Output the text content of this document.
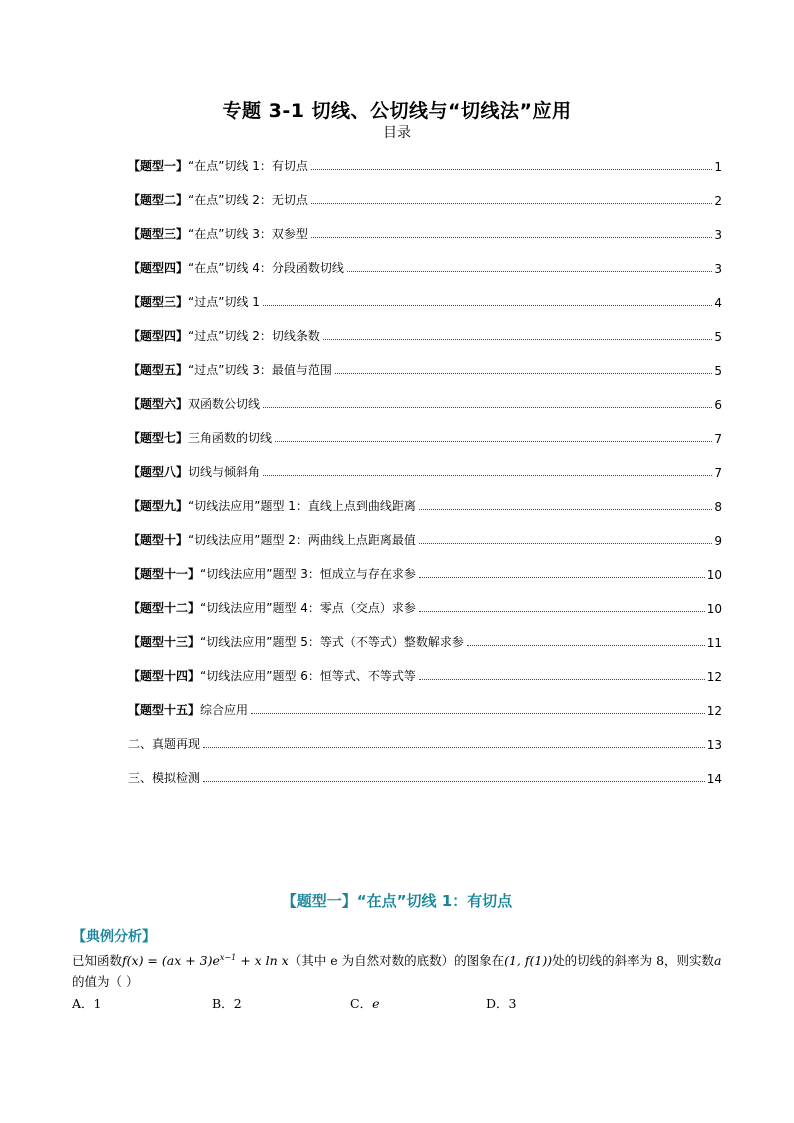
专题 3-1 切线、公切线与“切线法”应用
目录
【题型一】“在点”切线 1：有切点	1
【题型二】“在点”切线 2：无切点	2
【题型三】“在点”切线 3：双参型	3
【题型四】“在点”切线 4：分段函数切线	3
【题型三】“过点”切线 1	4
【题型四】“过点”切线 2：切线条数	5
【题型五】“过点”切线 3：最值与范围	5
【题型六】双函数公切线	6
【题型七】三角函数的切线	7
【题型八】切线与倾斜角	7
【题型九】“切线法应用”题型 1：直线上点到曲线距离	8
【题型十】“切线法应用”题型 2：两曲线上点距离最值	9
【题型十一】“切线法应用”题型 3：恒成立与存在求参	10
【题型十二】“切线法应用”题型 4：零点（交点）求参	10
【题型十三】“切线法应用”题型 5：等式（不等式）整数解求参	11
【题型十四】“切线法应用”题型 6：恒等式、不等式等	12
【题型十五】综合应用	12
二、真题再现	13
三、模拟检测	14
【题型一】“在点”切线 1：有切点
【典例分析】
已知函数$f(x) = (ax + 3)e^{x-1} + x$ ln x（其中 e 为自然对数的底数）的图象在(1, f(1))处的切线的斜率为 8，则实数a的值为（ ）
A．1	B．2	C．e	D．3
